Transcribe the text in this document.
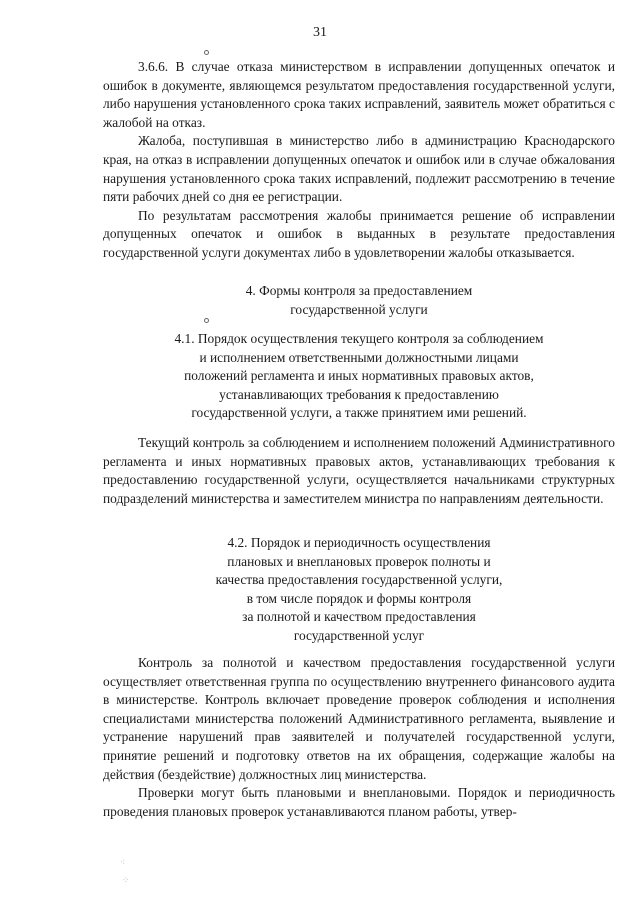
31

3.6.6. В случае отказа министерством в исправлении допущенных опечаток и ошибок в документе, являющемся результатом предоставления государственной услуги, либо нарушения установленного срока таких исправлений, заявитель может обратиться с жалобой на отказ.

Жалоба, поступившая в министерство либо в администрацию Краснодарского края, на отказ в исправлении допущенных опечаток и ошибок или в случае обжалования нарушения установленного срока таких исправлений, подлежит рассмотрению в течение пяти рабочих дней со дня ее регистрации.

По результатам рассмотрения жалобы принимается решение об исправлении допущенных опечаток и ошибок в выданных в результате предоставления государственной услуги документах либо в удовлетворении жалобы отказывается.

4. Формы контроля за предоставлением
государственной услуги
4.1. Порядок осуществления текущего контроля за соблюдением
и исполнением ответственными должностными лицами
положений регламента и иных нормативных правовых актов,
устанавливающих требования к предоставлению
государственной услуги, а также принятием ими решений.

Текущий контроль за соблюдением и исполнением положений Административного регламента и иных нормативных правовых актов, устанавливающих требования к предоставлению государственной услуги, осуществляется начальниками структурных подразделений министерства и заместителем министра по направлениям деятельности.

4.2. Порядок и периодичность осуществления
плановых и внеплановых проверок полноты и
качества предоставления государственной услуги,
в том числе порядок и формы контроля
за полнотой и качеством предоставления
государственной услуг

Контроль за полнотой и качеством предоставления государственной услуги осуществляет ответственная группа по осуществлению внутреннего финансового аудита в министерстве. Контроль включает проведение проверок соблюдения и исполнения специалистами министерства положений Административного регламента, выявление и устранение нарушений прав заявителей и получателей государственной услуги, принятие решений и подготовку ответов на их обращения, содержащие жалобы на действия (бездействие) должностных лиц министерства.

Проверки могут быть плановыми и внеплановыми. Порядок и периодичность проведения плановых проверок устанавливаются планом работы, утвер-

⁖
⁘
